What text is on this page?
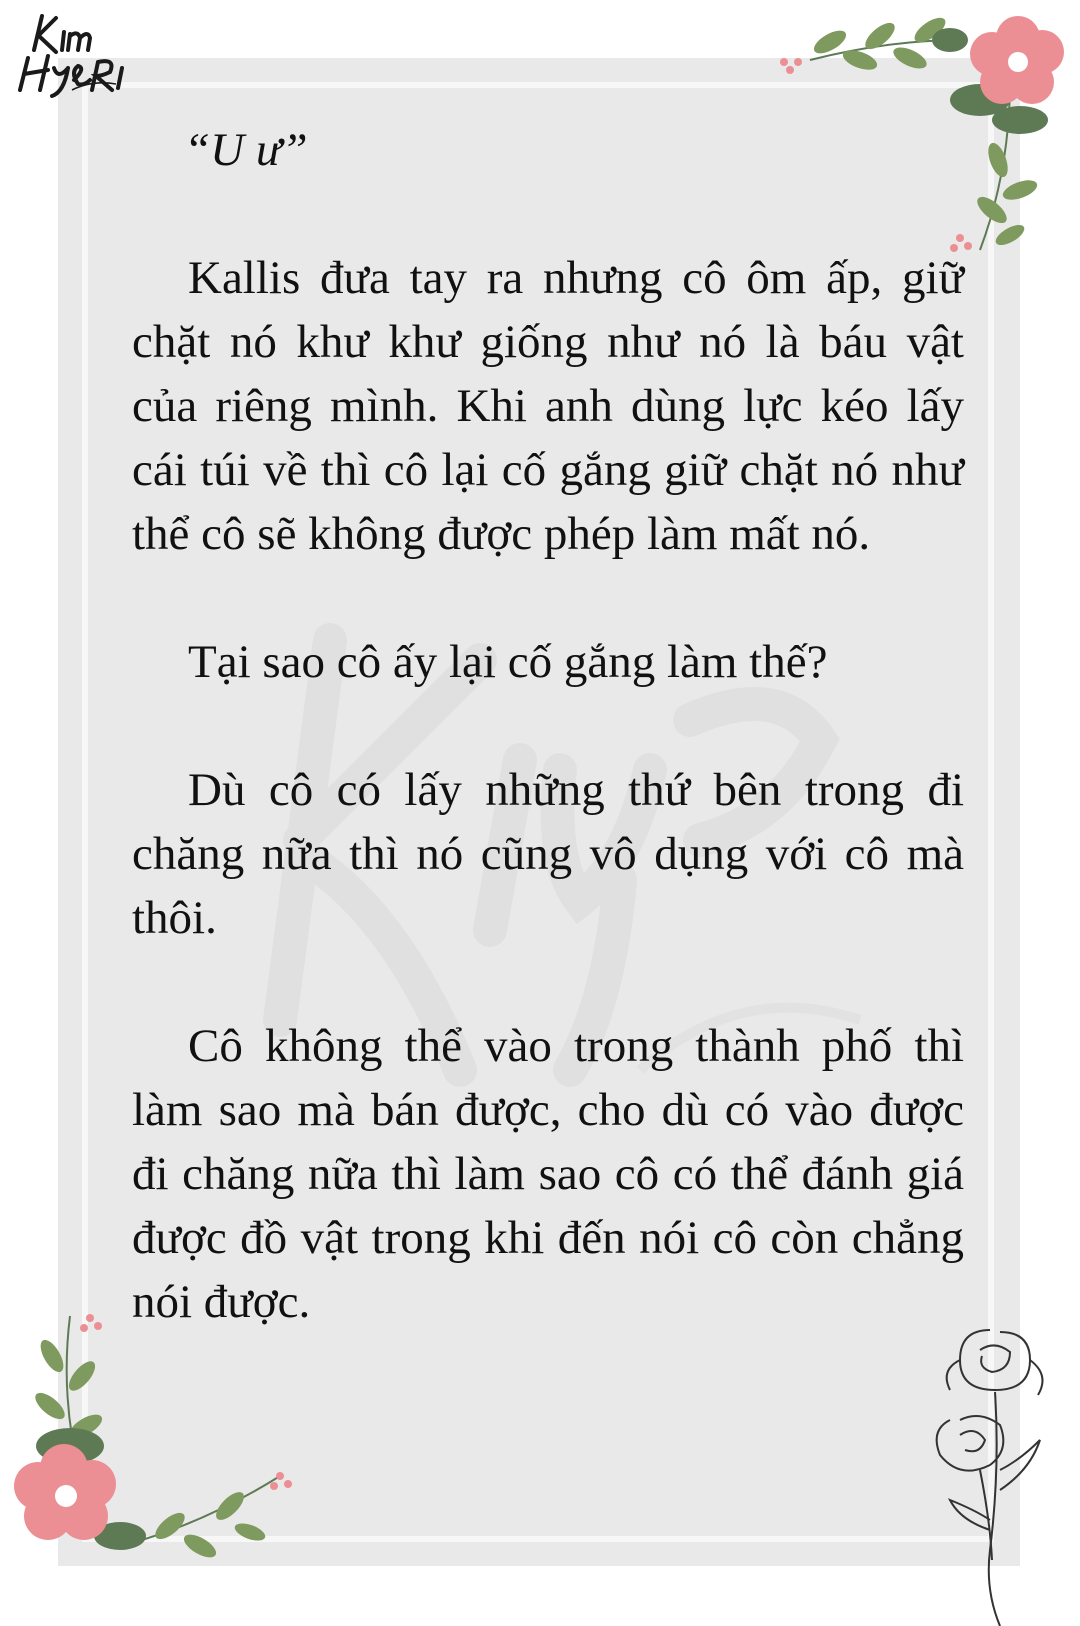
“U ư”

Kallis đưa tay ra nhưng cô ôm ấp, giữ chặt nó khư khư giống như nó là báu vật của riêng mình. Khi anh dùng lực kéo lấy cái túi về thì cô lại cố gắng giữ chặt nó như thể cô sẽ không được phép làm mất nó.

Tại sao cô ấy lại cố gắng làm thế?

Dù cô có lấy những thứ bên trong đi chăng nữa thì nó cũng vô dụng với cô mà thôi.

Cô không thể vào trong thành phố thì làm sao mà bán được, cho dù có vào được đi chăng nữa thì làm sao cô có thể đánh giá được đồ vật trong khi đến nói cô còn chẳng nói được.
